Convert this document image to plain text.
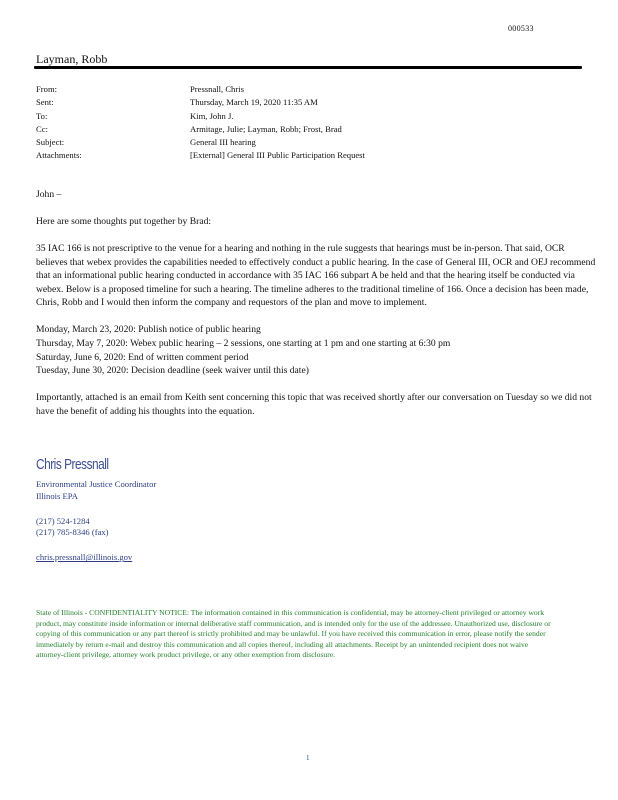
000533
Layman, Robb
From:	Pressnall, Chris
Sent:	Thursday, March 19, 2020 11:35 AM
To:	Kim, John J.
Cc:	Armitage, Julie; Layman, Robb; Frost, Brad
Subject:	General III hearing
Attachments:	[External] General III Public Participation Request

John –

Here are some thoughts put together by Brad:

35 IAC 166 is not prescriptive to the venue for a hearing and nothing in the rule suggests that hearings must be in-person. That said, OCR believes that webex provides the capabilities needed to effectively conduct a public hearing. In the case of General III, OCR and OEJ recommend that an informational public hearing conducted in accordance with 35 IAC 166 subpart A be held and that the hearing itself be conducted via webex. Below is a proposed timeline for such a hearing. The timeline adheres to the traditional timeline of 166. Once a decision has been made, Chris, Robb and I would then inform the company and requestors of the plan and move to implement.

Monday, March 23, 2020: Publish notice of public hearing
Thursday, May 7, 2020: Webex public hearing – 2 sessions, one starting at 1 pm and one starting at 6:30 pm
Saturday, June 6, 2020: End of written comment period
Tuesday, June 30, 2020: Decision deadline (seek waiver until this date)

Importantly, attached is an email from Keith sent concerning this topic that was received shortly after our conversation on Tuesday so we did not have the benefit of adding his thoughts into the equation.

Chris Pressnall
Environmental Justice Coordinator
Illinois EPA
(217) 524-1284
(217) 785-8346 (fax)
chris.pressnall@illinois.gov
State of Illinois - CONFIDENTIALITY NOTICE: The information contained in this communication is confidential, may be attorney-client privileged or attorney work product, may constitute inside information or internal deliberative staff communication, and is intended only for the use of the addressee. Unauthorized use, disclosure or copying of this communication or any part thereof is strictly prohibited and may be unlawful. If you have received this communication in error, please notify the sender immediately by return e-mail and destroy this communication and all copies thereof, including all attachments. Receipt by an unintended recipient does not waive attorney-client privilege, attorney work product privilege, or any other exemption from disclosure.
1
